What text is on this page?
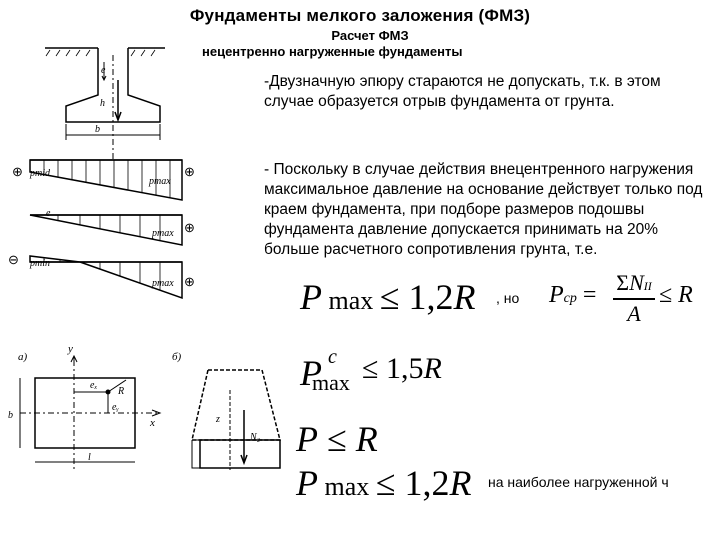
Фундаменты мелкого заложения (ФМЗ)
Расчет ФМЗ
нецентренно нагруженные фундаменты
-Двузначную эпюру стараются не допускать, т.к. в этом случае образуется отрыв фундамента от грунта.
- Поскольку в случае действия внецентренного нагружения максимальное давление на основание действует только под краем фундамента, при подборе размеров подошвы фундамента давление допускается принимать на 20% больше расчетного сопротивления грунта, т.е.
P max ≤ 1,2R , но Pср = ΣNII
A
≤ R
P c
max ≤ 1,5R
P ≤ R
P max ≤ 1,2R на наиболее нагруженной ч
e
h
b
⊕	⊕
⊕
⊖
⊕
pmid
pmax
e
pmax
pmin
pmax
a)	б)
y
x
R
eₓ
eᵧ
b
l
z
N₂
